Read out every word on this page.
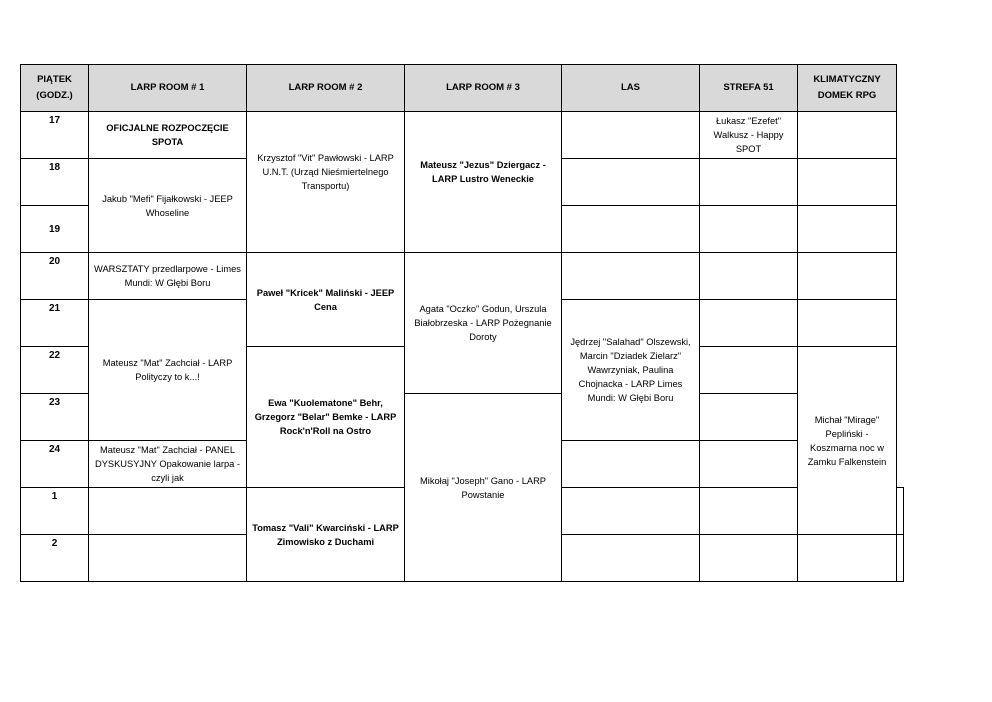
PIĄTEK
(GODZ.)	LARP ROOM # 1	LARP ROOM # 2	LARP ROOM # 3	LAS	STREFA 51	KLIMATYCZNY DOMEK RPG	
17	OFICJALNE ROZPOCZĘCIE SPOTA	Krzysztof "Vit" Pawłowski - LARP U.N.T. (Urząd Nieśmiertelnego Transportu)	Mateusz "Jezus" Dziergacz - LARP Lustro Weneckie		Łukasz "Ezefet" Walkusz - Happy SPOT		
18	Jakub "Mefi" Fijałkowski - JEEP Whoseline						
19							
20	WARSZTATY przedlarpowe - Limes Mundi: W Głębi Boru	Paweł "Kricek" Maliński - JEEP Cena	Agata "Oczko" Godun, Urszula Białobrzeska - LARP Pożegnanie Doroty				
21	Mateusz "Mat" Zachciał - LARP Polityczy to k...!			Jędrzej "Salahad" Olszewski, Marcin "Dziadek Zielarz" Wawrzyniak, Paulina Chojnacka - LARP Limes Mundi: W Głębi Boru			
22		Ewa "Kuolematone" Behr, Grzegorz "Belar" Bemke - LARP Rock'n'Roll na Ostro				Michał "Mirage" Pepliński - Koszmarna noc w Zamku Falkenstein	
23			Mikołaj "Joseph" Gano - LARP Powstanie				
24	Mateusz "Mat" Zachciał - PANEL DYSKUSYJNY Opakowanie larpa - czyli jak						

1		Tomasz "Vali" Kwarciński - LARP Zimowisko z Duchami					
2							
